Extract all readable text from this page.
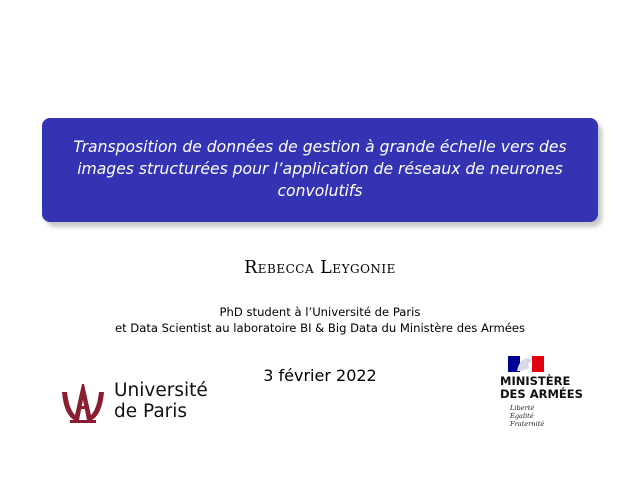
Transposition de données de gestion à grande échelle vers des
images structurées pour l’application de réseaux de neurones
convolutifs
Rebecca Leygonie
PhD student à l’Université de Paris
et Data Scientist au laboratoire BI & Big Data du Ministère des Armées
3 février 2022
Université
de Paris
MINISTÈRE
DES ARMÉES
Liberté
Égalité
Fraternité
